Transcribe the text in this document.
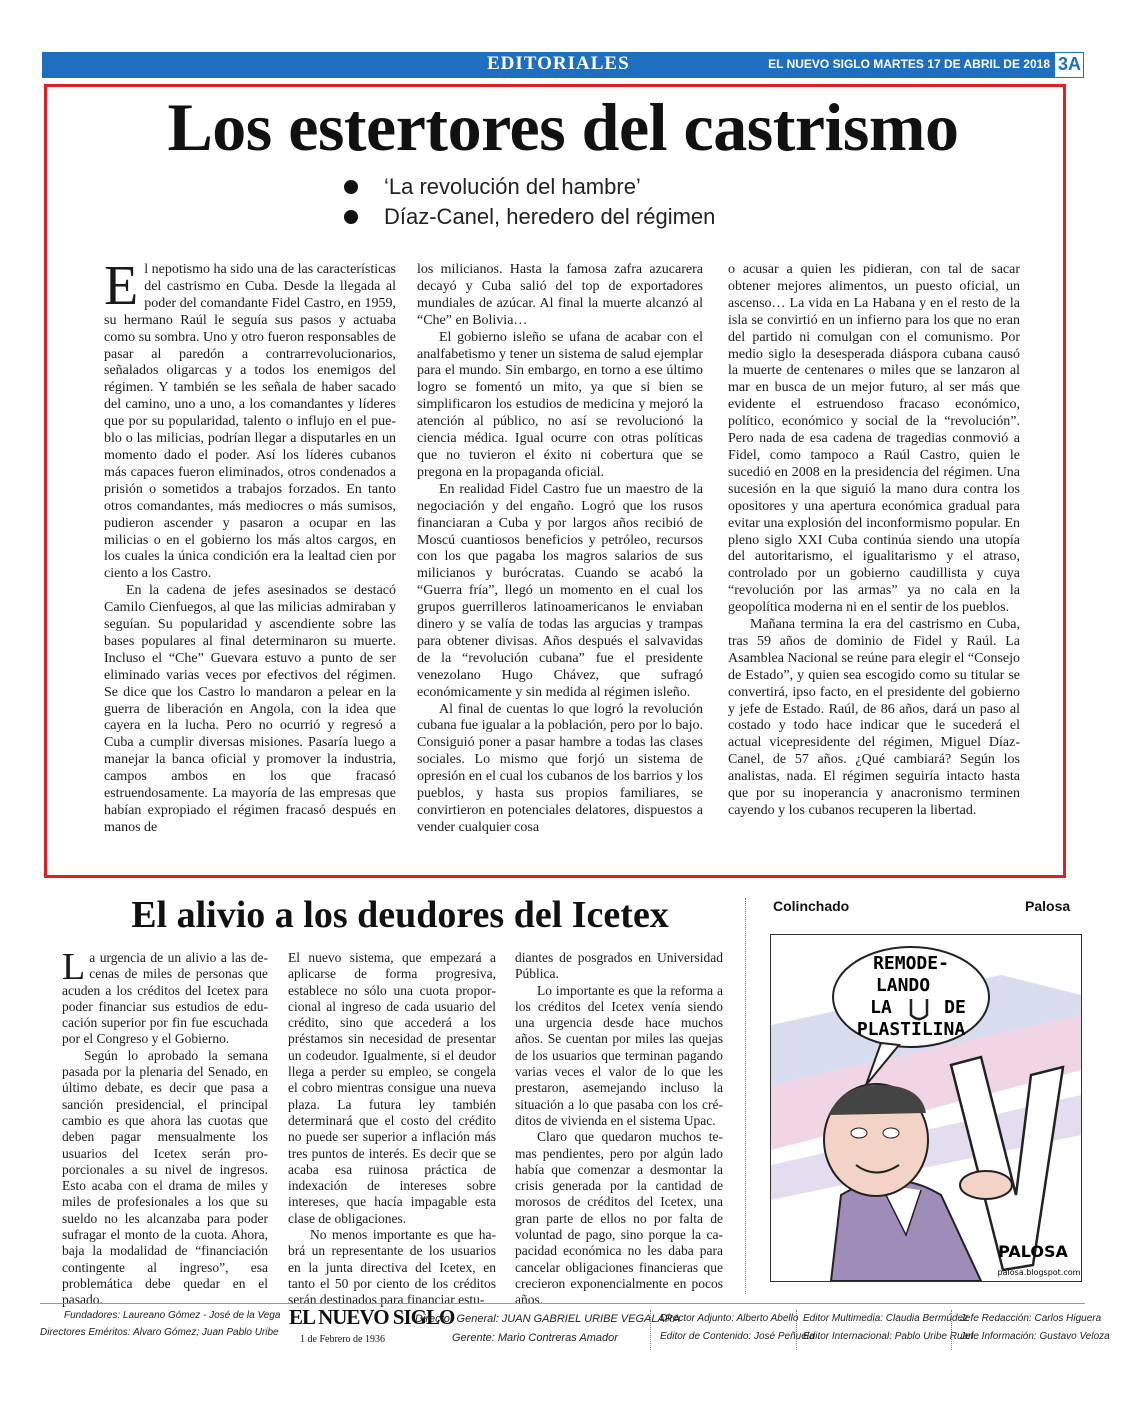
EDITORIALES	EL NUEVO SIGLO MARTES 17 DE ABRIL DE 2018 3A
Los estertores del castrismo
‘La revolución del hambre’
Díaz-Canel, heredero del régimen

El nepotismo ha sido una de las características del castrismo en Cuba. Desde la llegada al poder del comandante Fidel Castro, en 1959, su hermano Raúl le seguía sus pasos y actuaba como su sombra. Uno y otro fueron responsables de pasar al paredón a contrarrevolucionarios, señalados oligarcas y a todos los enemigos del régimen. Y también se les señala de haber sacado del camino, uno a uno, a los comandantes y líderes que por su popularidad, talento o influjo en el pueblo o las milicias, podrían llegar a disputarles en un momento dado el poder. Así los líderes cubanos más capaces fueron eliminados, otros condenados a prisión o sometidos a trabajos forzados. En tanto otros comandantes, más mediocres o más sumisos, pudieron ascender y pasaron a ocupar en las milicias o en el gobierno los más altos cargos, en los cuales la única condición era la lealtad cien por ciento a los Castro.

En la cadena de jefes asesinados se destacó Camilo Cienfuegos, al que las milicias admiraban y seguían. Su popularidad y ascendiente sobre las bases populares al final determinaron su muerte. Incluso el “Che” Guevara estuvo a punto de ser eliminado varias veces por efectivos del régimen. Se dice que los Castro lo mandaron a pelear en la guerra de liberación en Angola, con la idea que cayera en la lucha. Pero no ocurrió y regresó a Cuba a cumplir diversas misiones. Pasaría luego a manejar la banca oficial y promover la industria, campos ambos en los que fracasó estruendosamente. La mayoría de las empresas que habían expropiado el régimen fracasó después en manos de

los milicianos. Hasta la famosa zafra azucarera decayó y Cuba salió del top de exportadores mundiales de azúcar. Al final la muerte alcanzó al “Che” en Bolivia…

El gobierno isleño se ufana de acabar con el analfabetismo y tener un sistema de salud ejemplar para el mundo. Sin embargo, en torno a ese último logro se fomentó un mito, ya que si bien se simplificaron los estudios de medicina y mejoró la atención al público, no así se revolucionó la ciencia médica. Igual ocurre con otras políticas que no tuvieron el éxito ni cobertura que se pregona en la propaganda oficial.

En realidad Fidel Castro fue un maestro de la negociación y del engaño. Logró que los rusos financiaran a Cuba y por largos años recibió de Moscú cuantiosos beneficios y petróleo, recursos con los que pagaba los magros salarios de sus milicianos y burócratas. Cuando se acabó la “Guerra fría”, llegó un momento en el cual los grupos guerrilleros latinoamericanos le enviaban dinero y se valía de todas las argucias y trampas para obtener divisas. Años después el salvavidas de la “revolución cubana” fue el presidente venezolano Hugo Chávez, que sufragó económicamente y sin medida al régimen isleño.

Al final de cuentas lo que logró la revolución cubana fue igualar a la población, pero por lo bajo. Consiguió poner a pasar hambre a todas las clases sociales. Lo mismo que forjó un sistema de opresión en el cual los cubanos de los barrios y los pueblos, y hasta sus propios familiares, se convirtieron en potenciales delatores, dispuestos a vender cualquier cosa

o acusar a quien les pidieran, con tal de sacar obtener mejores alimentos, un puesto oficial, un ascenso… La vida en La Habana y en el resto de la isla se convirtió en un infierno para los que no eran del partido ni comulgan con el comunismo. Por medio siglo la desesperada diáspora cubana causó la muerte de centenares o miles que se lanzaron al mar en busca de un mejor futuro, al ser más que evidente el estruendoso fracaso económico, político, económico y social de la “revolución”. Pero nada de esa cadena de tragedias conmovió a Fidel, como tampoco a Raúl Castro, quien le sucedió en 2008 en la presidencia del régimen. Una sucesión en la que siguió la mano dura contra los opositores y una apertura económica gradual para evitar una explosión del inconformismo popular. En pleno siglo XXI Cuba continúa siendo una utopía del autoritarismo, el igualitarismo y el atraso, controlado por un gobierno caudillista y cuya “revolución por las armas” ya no cala en la geopolítica moderna ni en el sentir de los pueblos.

Mañana termina la era del castrismo en Cuba, tras 59 años de dominio de Fidel y Raúl. La Asamblea Nacional se reúne para elegir el “Consejo de Estado”, y quien sea escogido como su titular se convertirá, ipso facto, en el presidente del gobierno y jefe de Estado. Raúl, de 86 años, dará un paso al costado y todo hace indicar que le sucederá el actual vicepresidente del régimen, Miguel Díaz-Canel, de 57 años. ¿Qué cambiará? Según los analistas, nada. El régimen seguiría intacto hasta que por su inoperancia y anacronismo terminen cayendo y los cubanos recuperen la libertad.

El alivio a los deudores del Icetex

La urgencia de un alivio a las decenas de miles de personas que acuden a los créditos del Icetex para poder financiar sus estudios de educación superior por fin fue escuchada por el Congreso y el Gobierno.

Según lo aprobado la semana pasada por la plenaria del Senado, en último debate, es decir que pasa a sanción presidencial, el principal cambio es que ahora las cuotas que deben pagar mensualmente los usuarios del Icetex serán proporcionales a su nivel de ingresos. Esto acaba con el drama de miles y miles de profesionales a los que su sueldo no les alcanzaba para poder sufragar el monto de la cuota. Ahora, baja la modalidad de “financiación contingente al ingreso”, esa problemática debe quedar en el pasado.

El nuevo sistema, que empezará a aplicarse de forma progresiva, establece no sólo una cuota proporcional al ingreso de cada usuario del crédito, sino que accederá a los préstamos sin necesidad de presentar un codeudor. Igualmente, si el deudor llega a perder su empleo, se congela el cobro mientras consigue una nueva plaza. La futura ley también determinará que el costo del crédito no puede ser superior a inflación más tres puntos de interés. Es decir que se acaba esa ruinosa práctica de indexación de intereses sobre intereses, que hacía impagable esta clase de obligaciones.

No menos importante es que habrá un representante de los usuarios en la junta directiva del Icetex, en tanto el 50 por ciento de los créditos serán destinados para financiar estu-

diantes de posgrados en Universidad Pública.

Lo importante es que la reforma a los créditos del Icetex venía siendo una urgencia desde hace muchos años. Se cuentan por miles las quejas de los usuarios que terminan pagando varias veces el valor de lo que les prestaron, asemejando incluso la situación a lo que pasaba con los créditos de vivienda en el sistema Upac.

Claro que quedaron muchos temas pendientes, pero por algún lado había que comenzar a desmontar la crisis generada por la cantidad de morosos de créditos del Icetex, una gran parte de ellos no por falta de voluntad de pago, sino porque la capacidad económica no les daba para cancelar obligaciones financieras que crecieron exponencialmente en pocos años.

Colinchado	Palosa
REMODE-
LANDO
LA	DE
PLASTILINA
PALOSA
palosa.blogspot.com
Fundadores: Laureano Gómez - José de la Vega
Directores Eméritos: Alvaro Gómez; Juan Pablo Uribe
EL NUEVO SIGLO
1 de Febrero de 1936
Director General: JUAN GABRIEL URIBE VEGALARA
Gerente: Mario Contreras Amador
Director Adjunto: Alberto Abello
Editor de Contenido: José Peñuela
Editor Multimedia: Claudia Bermúdez
Editor Internacional: Pablo Uribe Ruan
Jefe Redacción: Carlos Higuera
Jefe Información: Gustavo Veloza
